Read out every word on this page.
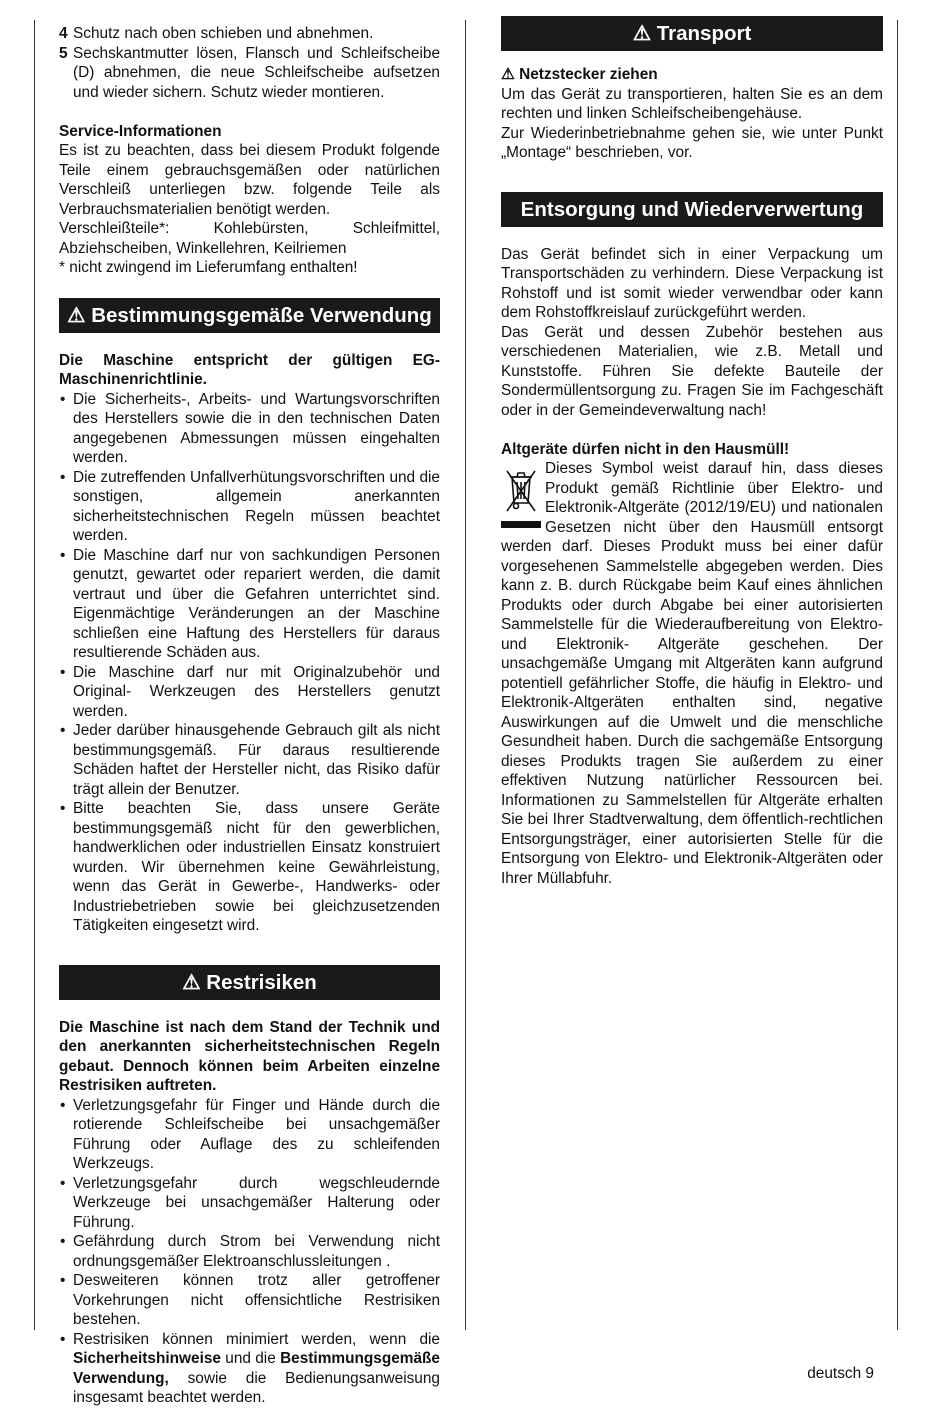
4 Schutz nach oben schieben und abnehmen.
5 Sechskantmutter lösen, Flansch und Schleifscheibe (D) abnehmen, die neue Schleifscheibe aufsetzen und wieder sichern. Schutz wieder montieren.

Service-Informationen

Es ist zu beachten, dass bei diesem Produkt folgende Teile einem gebrauchsgemäßen oder natürlichen Verschleiß unterliegen bzw. folgende Teile als Verbrauchsmaterialien benötigt werden.

Verschleißteile*: Kohlebürsten, Schleifmittel, Abziehscheiben, Winkellehren, Keilriemen

* nicht zwingend im Lieferumfang enthalten!

⚠ Bestimmungsgemäße Verwendung

Die Maschine entspricht der gültigen EG-Maschinenrichtlinie.

• Die Sicherheits-, Arbeits- und Wartungsvorschriften des Herstellers sowie die in den technischen Daten angegebenen Abmessungen müssen eingehalten werden.
• Die zutreffenden Unfallverhütungsvorschriften und die sonstigen, allgemein anerkannten sicherheitstechnischen Regeln müssen beachtet werden.
• Die Maschine darf nur von sachkundigen Personen genutzt, gewartet oder repariert werden, die damit vertraut und über die Gefahren unterrichtet sind. Eigenmächtige Veränderungen an der Maschine schließen eine Haftung des Herstellers für daraus resultierende Schäden aus.
• Die Maschine darf nur mit Originalzubehör und Original- Werkzeugen des Herstellers genutzt werden.
• Jeder darüber hinausgehende Gebrauch gilt als nicht bestimmungsgemäß. Für daraus resultierende Schäden haftet der Hersteller nicht, das Risiko dafür trägt allein der Benutzer.
• Bitte beachten Sie, dass unsere Geräte bestimmungsgemäß nicht für den gewerblichen, handwerklichen oder industriellen Einsatz konstruiert wurden. Wir übernehmen keine Gewährleistung, wenn das Gerät in Gewerbe-, Handwerks- oder Industriebetrieben sowie bei gleichzusetzenden Tätigkeiten eingesetzt wird.
⚠ Restrisiken

Die Maschine ist nach dem Stand der Technik und den anerkannten sicherheitstechnischen Regeln gebaut. Dennoch können beim Arbeiten einzelne Restrisiken auftreten.

• Verletzungsgefahr für Finger und Hände durch die rotierende Schleifscheibe bei unsachgemäßer Führung oder Auflage des zu schleifenden Werkzeugs.
• Verletzungsgefahr durch wegschleudernde Werkzeuge bei unsachgemäßer Halterung oder Führung.
• Gefährdung durch Strom bei Verwendung nicht ordnungsgemäßer Elektroanschlussleitungen .
• Desweiteren können trotz aller getroffener Vorkehrungen nicht offensichtliche Restrisiken bestehen.
• Restrisiken können minimiert werden, wenn die Sicherheitshinweise und die Bestimmungsgemäße Verwendung, sowie die Bedienungsanweisung insgesamt beachtet werden.
⚠ Transport

⚠ Netzstecker ziehen

Um das Gerät zu transportieren, halten Sie es an dem rechten und linken Schleifscheibengehäuse.

Zur Wiederinbetriebnahme gehen sie, wie unter Punkt „Montage“ beschrieben, vor.

Entsorgung und Wiederverwertung

Das Gerät befindet sich in einer Verpackung um Transportschäden zu verhindern. Diese Verpackung ist Rohstoff und ist somit wieder verwendbar oder kann dem Rohstoffkreislauf zurückgeführt werden.

Das Gerät und dessen Zubehör bestehen aus verschiedenen Materialien, wie z.B. Metall und Kunststoffe. Führen Sie defekte Bauteile der Sondermüllentsorgung zu. Fragen Sie im Fachgeschäft oder in der Gemeindeverwaltung nach!

Altgeräte dürfen nicht in den Hausmüll!

Dieses Symbol weist darauf hin, dass dieses Produkt gemäß Richtlinie über Elektro- und Elektronik-Altgeräte (2012/19/EU) und nationalen Gesetzen nicht über den Hausmüll entsorgt werden darf. Dieses Produkt muss bei einer dafür vorgesehenen Sammelstelle abgegeben werden. Dies kann z. B. durch Rückgabe beim Kauf eines ähnlichen Produkts oder durch Abgabe bei einer autorisierten Sammelstelle für die Wiederaufbereitung von Elektro- und Elektronik- Altgeräte geschehen. Der unsachgemäße Umgang mit Altgeräten kann aufgrund potentiell gefährlicher Stoffe, die häufig in Elektro- und Elektronik-Altgeräten enthalten sind, negative Auswirkungen auf die Umwelt und die menschliche Gesundheit haben. Durch die sachgemäße Entsorgung dieses Produkts tragen Sie außerdem zu einer effektiven Nutzung natürlicher Ressourcen bei. Informationen zu Sammelstellen für Altgeräte erhalten Sie bei Ihrer Stadtverwaltung, dem öffentlich-rechtlichen Entsorgungsträger, einer autorisierten Stelle für die Entsorgung von Elektro- und Elektronik-Altgeräten oder Ihrer Müllabfuhr.

deutsch 9
